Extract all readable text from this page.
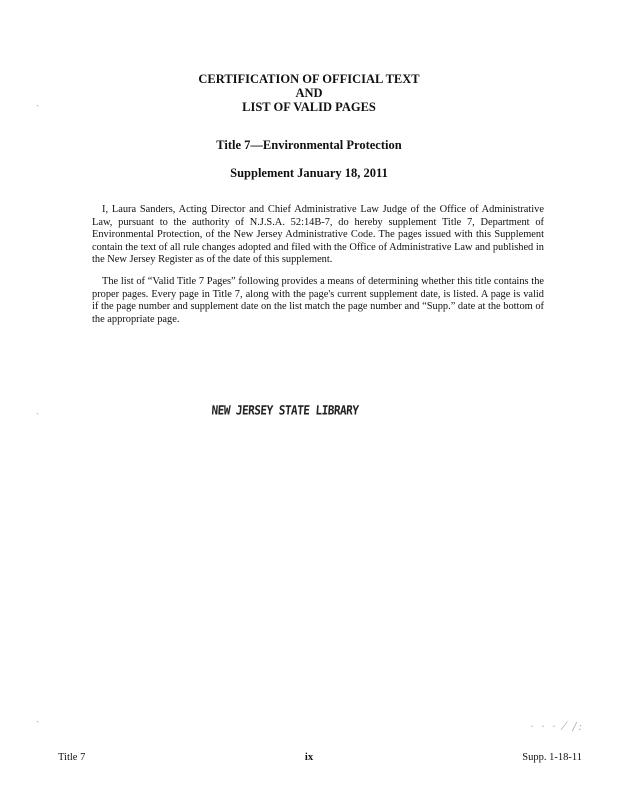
CERTIFICATION OF OFFICIAL TEXT
AND
LIST OF VALID PAGES
Title 7—Environmental Protection
Supplement January 18, 2011

I, Laura Sanders, Acting Director and Chief Administrative Law Judge of the Office of Administrative Law, pursuant to the authority of N.J.S.A. 52:14B-7, do hereby supplement Title 7, Department of Environmental Protection, of the New Jersey Administrative Code. The pages issued with this Supplement contain the text of all rule changes adopted and filed with the Office of Administrative Law and published in the New Jersey Register as of the date of this supplement.

The list of “Valid Title 7 Pages” following provides a means of determining whether this title contains the proper pages. Every page in Title 7, along with the page's current supplement date, is listed. A page is valid if the page number and supplement date on the list match the page number and “Supp.” date at the bottom of the appropriate page.

NEW JERSEY STATE LIBRARY
ˏ
ˏ
ˏ
· · · ⁄ /:
Title 7	ix	Supp. 1-18-11
